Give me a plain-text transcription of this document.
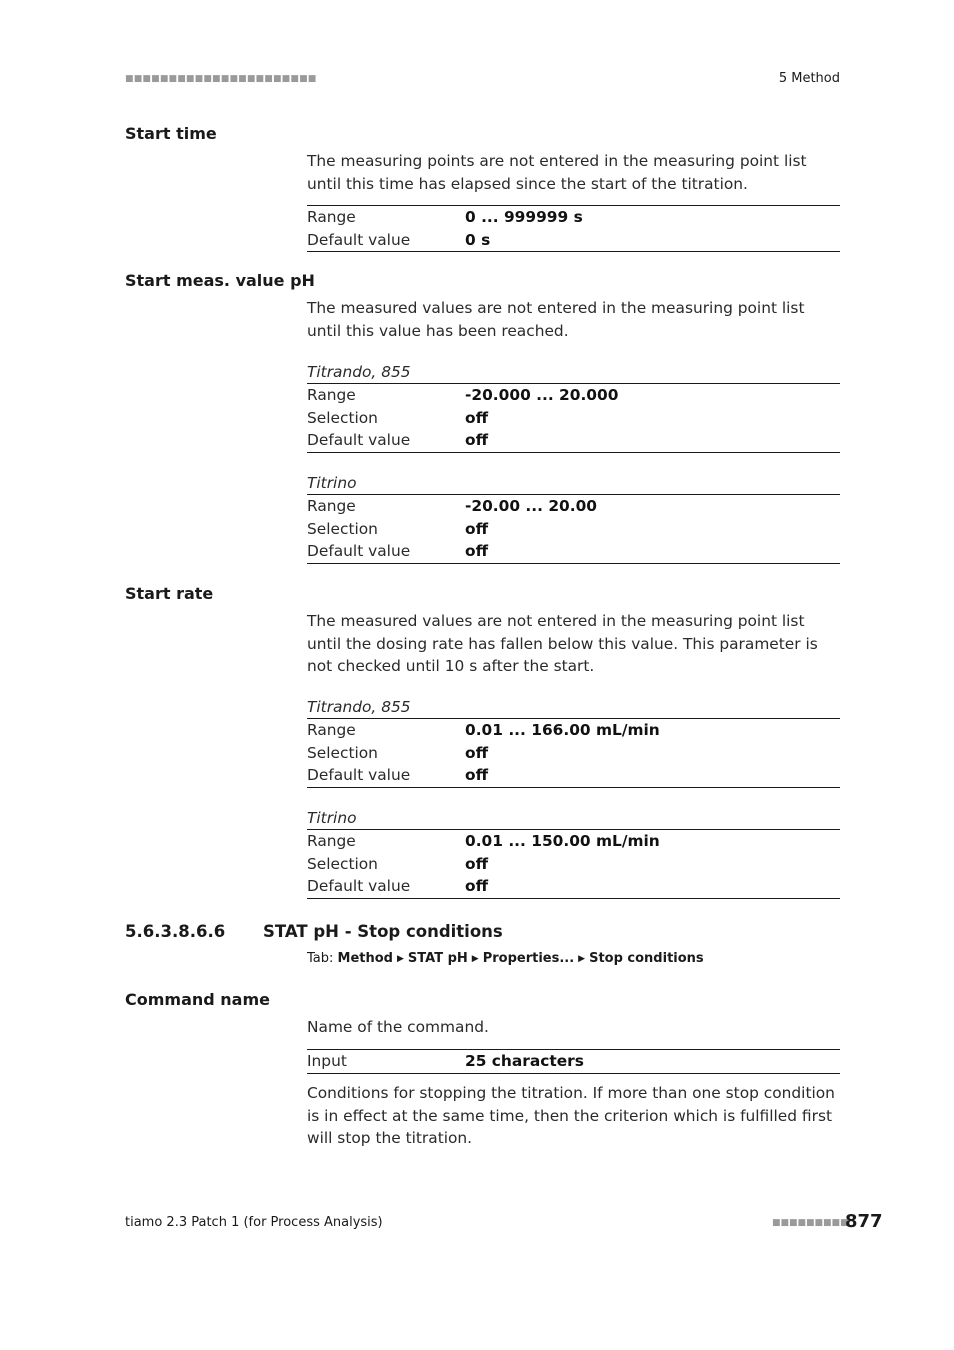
■■■■■■■■■■■■■■■■■■■■■■	5 Method
Start time
The measuring points are not entered in the measuring point list until this time has elapsed since the start of the titration.
Range	0 ... 999999 s
Default value	0 s
Start meas. value pH
The measured values are not entered in the measuring point list until this value has been reached.
Titrando, 855
Range	-20.000 ... 20.000
Selection	off
Default value	off
Titrino
Range	-20.00 ... 20.00
Selection	off
Default value	off
Start rate
The measured values are not entered in the measuring point list until the dosing rate has fallen below this value. This parameter is not checked until 10 s after the start.
Titrando, 855
Range	0.01 ... 166.00 mL/min
Selection	off
Default value	off
Titrino
Range	0.01 ... 150.00 mL/min
Selection	off
Default value	off
5.6.3.8.6.6 STAT pH - Stop conditions
Tab: Method ▶ STAT pH ▶ Properties... ▶ Stop conditions
Command name
Name of the command.
Input	25 characters
Conditions for stopping the titration. If more than one stop condition is in effect at the same time, then the criterion which is fulfilled first will stop the titration.
tiamo 2.3 Patch 1 (for Process Analysis)	■■■■■■■■■
877
